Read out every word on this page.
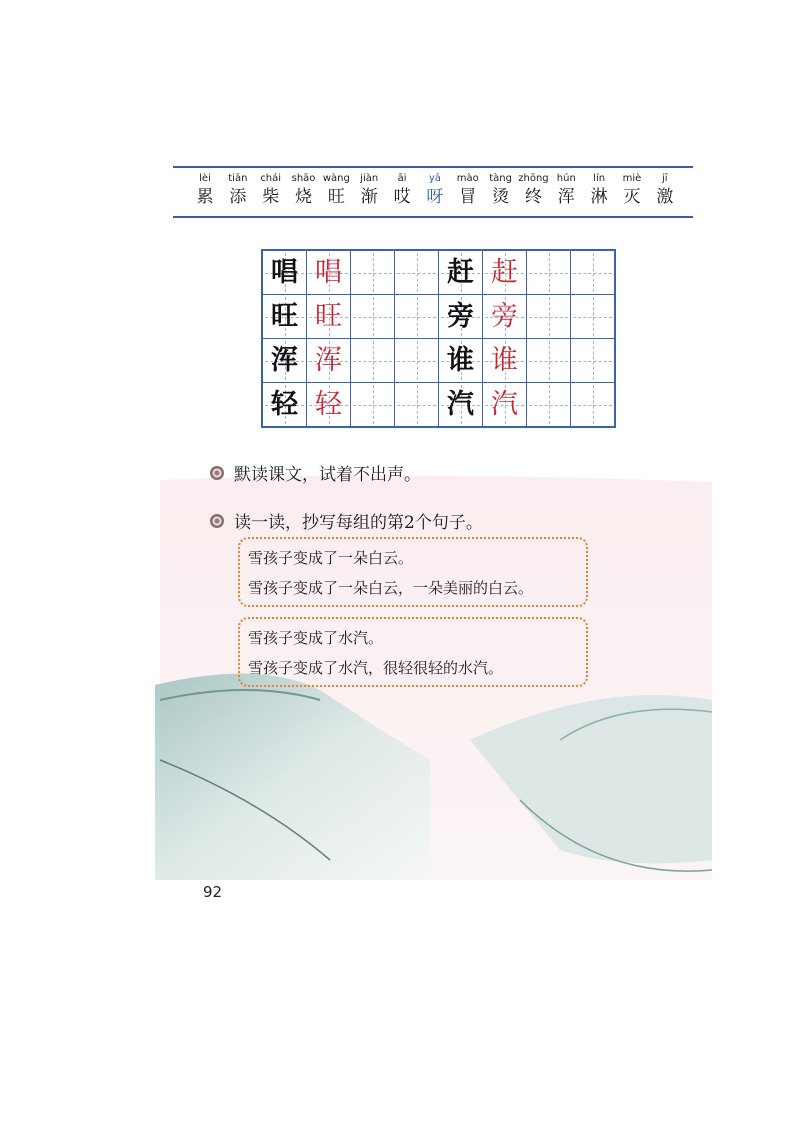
lèi
累
tiān
添
chái
柴
shāo
烧
wàng
旺
jiàn
渐
āi
哎
yā
呀
mào
冒
tàng
烫
zhōng
终
hún
浑
lín
淋
miè
灭
jī
激
唱	唱			赶	赶		
旺	旺			旁	旁		
浑	浑			谁	谁		
轻	轻			汽	汽		
默读课文，试着不出声。
读一读，抄写每组的第2个句子。
雪孩子变成了一朵白云。
雪孩子变成了一朵白云，一朵美丽的白云。
雪孩子变成了水汽。
雪孩子变成了水汽，很轻很轻的水汽。
92
